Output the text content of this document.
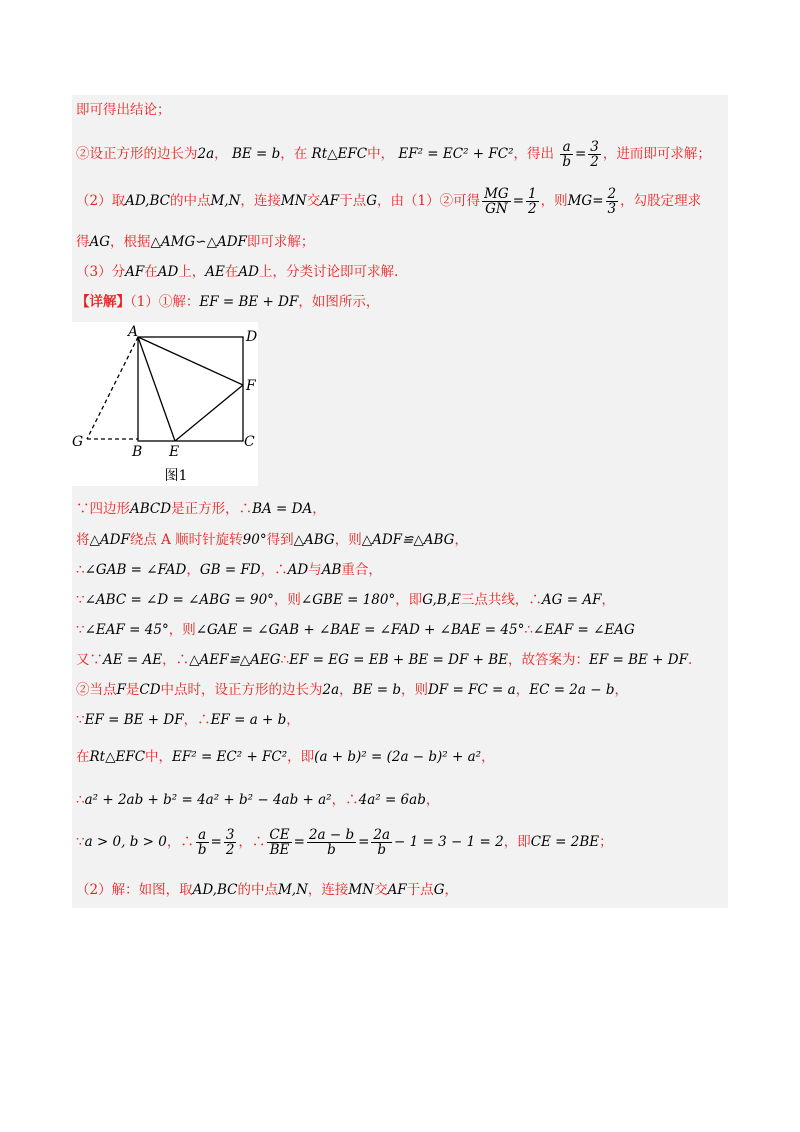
即可得出结论；
②设正方形的边长为2a， BE = b，在 Rt△EFC中， EF² = EC² + FC²，得出 $\frac{a}{b} = \frac{3}{2}$ ，进而即可求解；
（2）取AD,BC的中点M,N，连接MN交AF于点G，由（1）②可得 $\frac{MG}{GN} = \frac{1}{2}$ ，则$MG= \frac{2}{3}$ ，勾股定理求
得AG，根据△AMG∽△ADF即可求解；
（3）分AF在AD上，AE在AD上，分类讨论即可求解.
【详解】（1）①解：EF = BE + DF，如图所示，
A	D
F
G
B E
C
图1
∵四边形ABCD是正方形，∴BA = DA，
将△ADF绕点 A 顺时针旋转90°得到△ABG，则△ADF≌△ABG，
∴∠GAB = ∠FAD，GB = FD，∴AD与AB重合，
∵∠ABC = ∠D = ∠ABG = 90°，则∠GBE = 180°，即G,B,E三点共线，∴AG = AF，
∵∠EAF = 45°，则∠GAE = ∠GAB + ∠BAE = ∠FAD + ∠BAE = 45°∴∠EAF = ∠EAG
又∵AE = AE，∴△AEF≌△AEG∴EF = EG = EB + BE = DF + BE，故答案为：EF = BE + DF.
②当点F是CD中点时，设正方形的边长为2a，BE = b，则DF = FC = a，EC = 2a − b，
∵EF = BE + DF，∴EF = a + b，
在Rt△EFC中，EF² = EC² + FC²，即(a + b)² = (2a − b)² + a²，
∴a² + 2ab + b² = 4a² + b² − 4ab + a²，∴4a² = 6ab，
∵a > 0, b > 0，∴ $\frac{a}{b} = \frac{3}{2}$ ，∴ $\frac{CE}{BE} = \frac{2a - b}{b} = \frac{2a}{b} - 1 = 3 - 1 = 2$，即CE = 2BE；
（2）解：如图，取AD,BC的中点M,N，连接MN交AF于点G，
